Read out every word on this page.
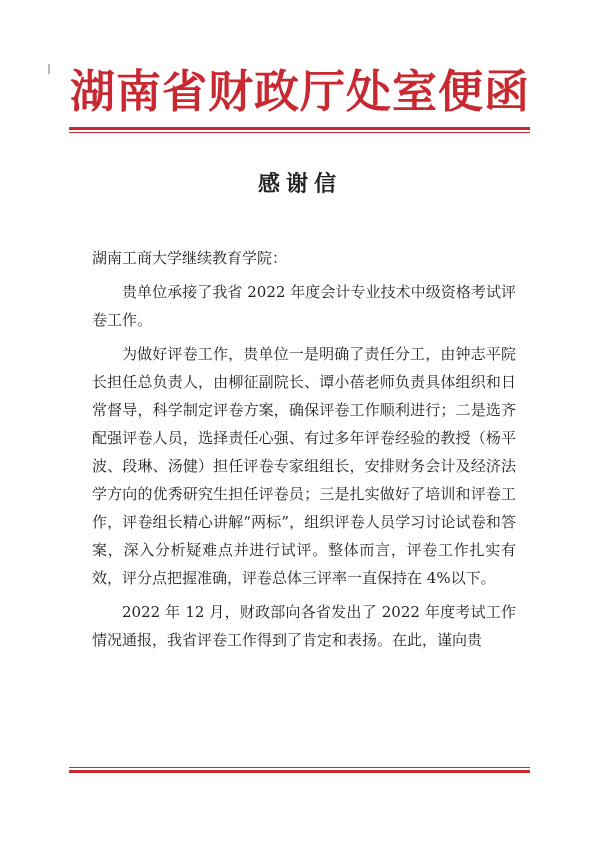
湖南省财政厅处室便函
感谢信

湖南工商大学继续教育学院：

贵单位承接了我省 2022 年度会计专业技术中级资格考试评卷工作。

为做好评卷工作，贵单位一是明确了责任分工，由钟志平院长担任总负责人，由柳征副院长、谭小蓓老师负责具体组织和日常督导，科学制定评卷方案，确保评卷工作顺利进行；二是选齐配强评卷人员，选择责任心强、有过多年评卷经验的教授（杨平波、段琳、汤健）担任评卷专家组组长，安排财务会计及经济法学方向的优秀研究生担任评卷员；三是扎实做好了培训和评卷工作，评卷组长精心讲解“两标”，组织评卷人员学习讨论试卷和答案，深入分析疑难点并进行试评。整体而言，评卷工作扎实有效，评分点把握准确，评卷总体三评率一直保持在 4%以下。

2022 年 12 月，财政部向各省发出了 2022 年度考试工作情况通报，我省评卷工作得到了肯定和表扬。在此，谨向贵
